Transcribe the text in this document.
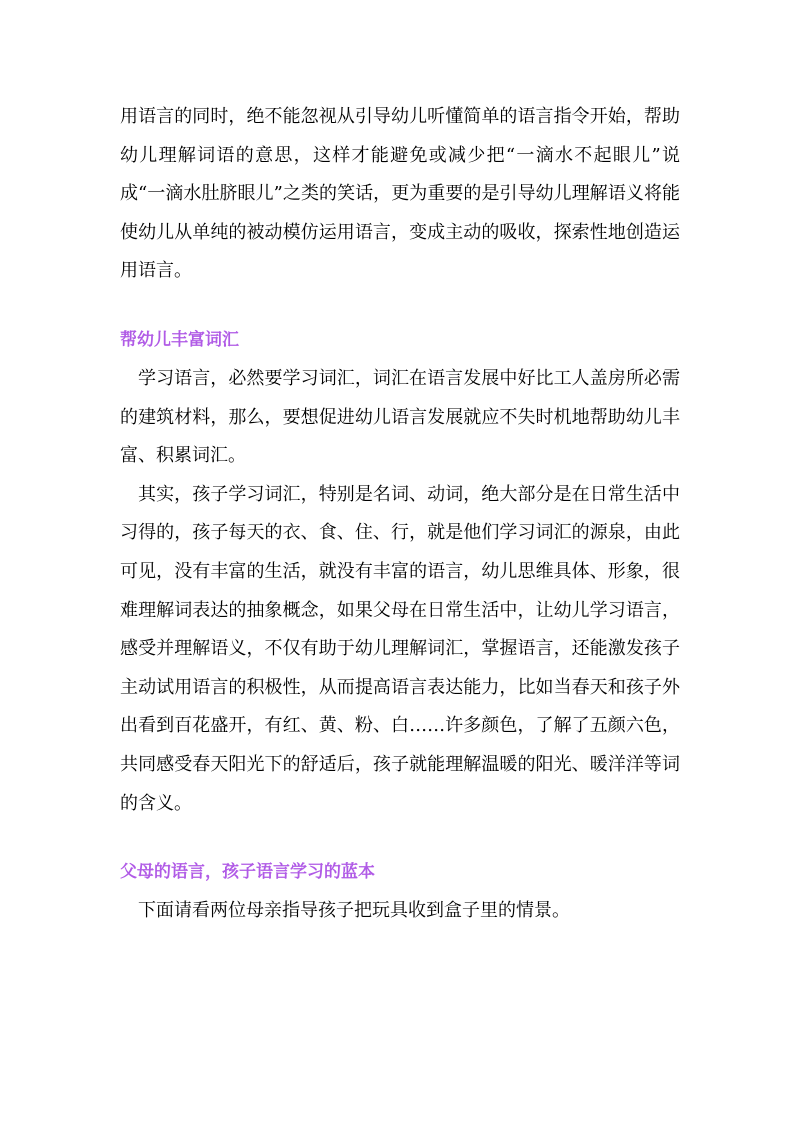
用语言的同时，绝不能忽视从引导幼儿听懂简单的语言指令开始，帮助幼儿理解词语的意思，这样才能避免或减少把“一滴水不起眼儿”说成“一滴水肚脐眼儿”之类的笑话，更为重要的是引导幼儿理解语义将能使幼儿从单纯的被动模仿运用语言，变成主动的吸收，探索性地创造运用语言。

帮幼儿丰富词汇

学习语言，必然要学习词汇，词汇在语言发展中好比工人盖房所必需的建筑材料，那么，要想促进幼儿语言发展就应不失时机地帮助幼儿丰富、积累词汇。

其实，孩子学习词汇，特别是名词、动词，绝大部分是在日常生活中习得的，孩子每天的衣、食、住、行，就是他们学习词汇的源泉，由此可见，没有丰富的生活，就没有丰富的语言，幼儿思维具体、形象，很难理解词表达的抽象概念，如果父母在日常生活中，让幼儿学习语言，感受并理解语义，不仅有助于幼儿理解词汇，掌握语言，还能激发孩子主动试用语言的积极性，从而提高语言表达能力，比如当春天和孩子外出看到百花盛开，有红、黄、粉、白……许多颜色，了解了五颜六色，共同感受春天阳光下的舒适后，孩子就能理解温暖的阳光、暖洋洋等词的含义。

父母的语言，孩子语言学习的蓝本

下面请看两位母亲指导孩子把玩具收到盒子里的情景。
